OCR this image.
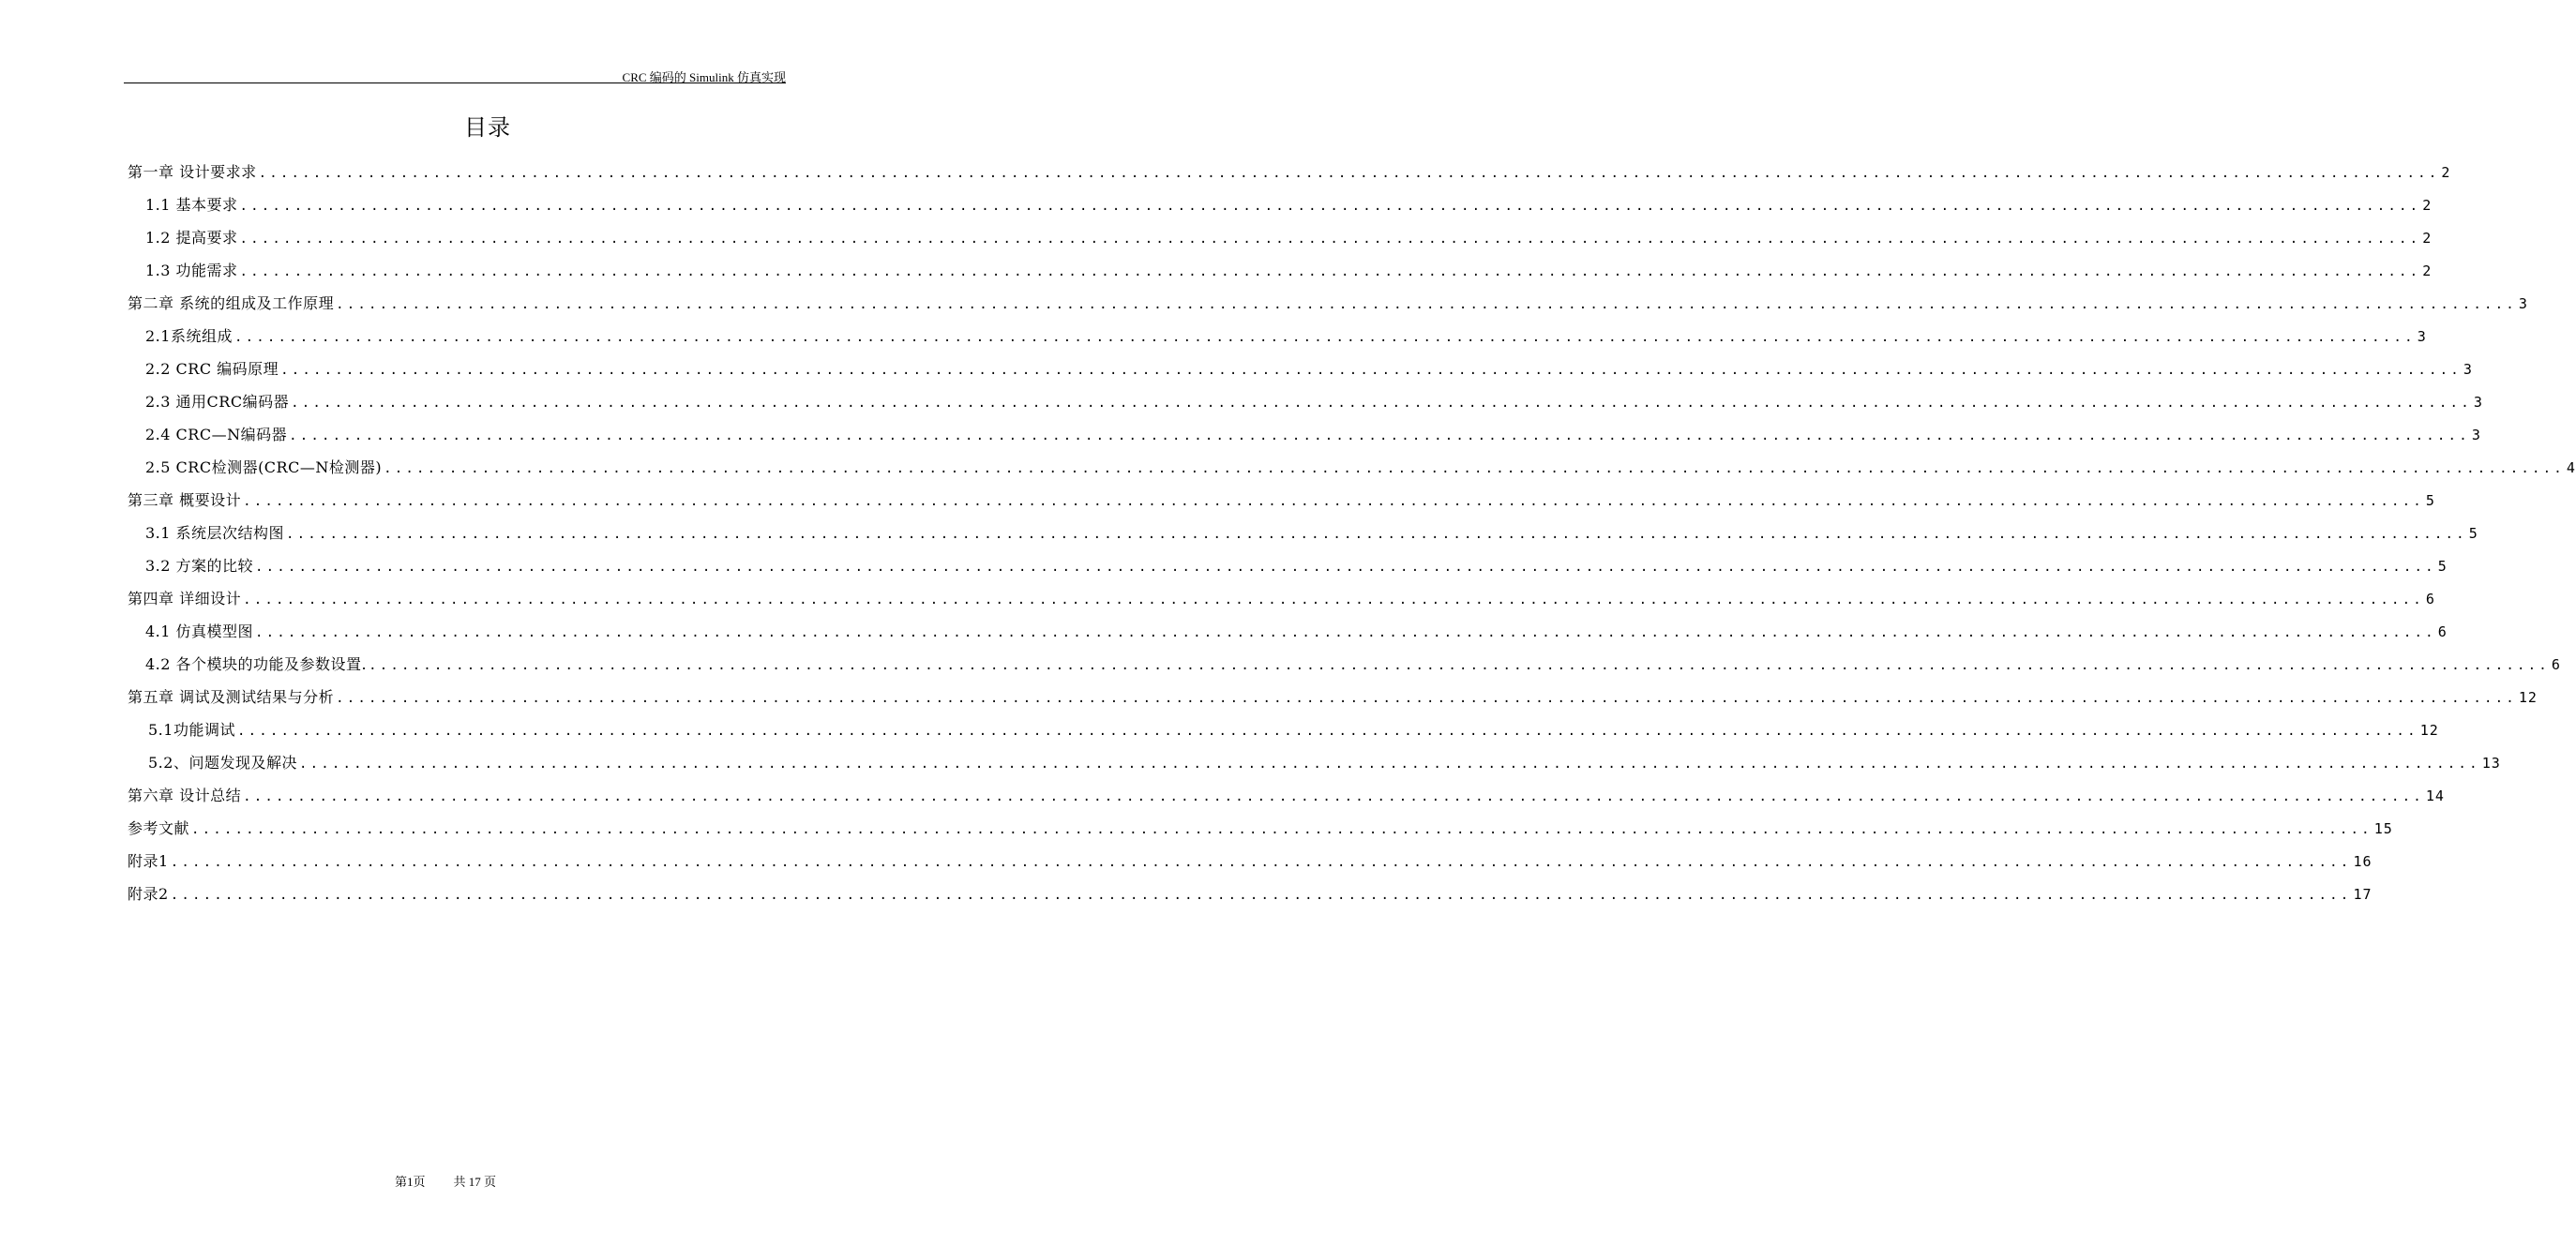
CRC 编码的 Simulink 仿真实现
目录
第一章 设计要求求 ........................................................................................................................................................................................................ 2
1.1 基本要求 ........................................................................................................................................................................................................ 2
1.2 提高要求 ........................................................................................................................................................................................................ 2
1.3 功能需求 ........................................................................................................................................................................................................ 2
第二章 系统的组成及工作原理 ........................................................................................................................................................................................................ 3
2.1系统组成 ........................................................................................................................................................................................................ 3
2.2 CRC 编码原理 ........................................................................................................................................................................................................ 3
2.3 通用CRC编码器 ........................................................................................................................................................................................................ 3
2.4 CRC—N编码器 ........................................................................................................................................................................................................ 3
2.5 CRC检测器(CRC—N检测器) ........................................................................................................................................................................................................ 4
第三章 概要设计 ........................................................................................................................................................................................................ 5
3.1 系统层次结构图 ........................................................................................................................................................................................................ 5
3.2 方案的比较 ........................................................................................................................................................................................................ 5
第四章 详细设计 ........................................................................................................................................................................................................ 6
4.1 仿真模型图 ........................................................................................................................................................................................................ 6
4.2 各个模块的功能及参数设置. ........................................................................................................................................................................................................ 6
第五章 调试及测试结果与分析 ........................................................................................................................................................................................................ 12
5.1功能调试 ........................................................................................................................................................................................................ 12
5.2、问题发现及解决 ........................................................................................................................................................................................................ 13
第六章 设计总结 ........................................................................................................................................................................................................ 14
参考文献 ........................................................................................................................................................................................................ 15
附录1 ........................................................................................................................................................................................................ 16
附录2 ........................................................................................................................................................................................................ 17
第1页 共 17 页
